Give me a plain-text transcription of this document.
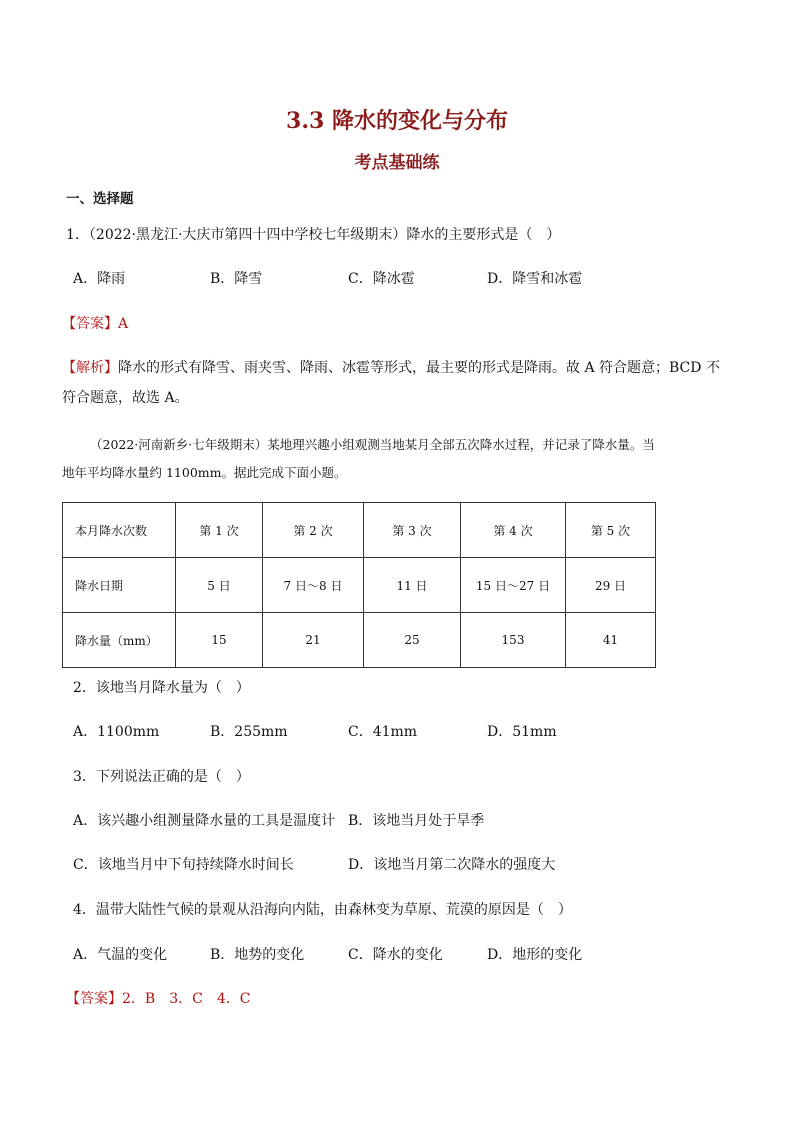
3.3 降水的变化与分布
考点基础练
一、选择题
1．（2022·黑龙江·大庆市第四十四中学校七年级期末）降水的主要形式是（　）
A．降雨	B．降雪	C．降冰雹	D．降雪和冰雹
【答案】A
【解析】降水的形式有降雪、雨夹雪、降雨、冰雹等形式，最主要的形式是降雨。故 A 符合题意；BCD 不
符合题意，故选 A。
（2022·河南新乡·七年级期末）某地理兴趣小组观测当地某月全部五次降水过程，并记录了降水量。当
地年平均降水量约 1100mm。据此完成下面小题。
本月降水次数	第 1 次	第 2 次	第 3 次	第 4 次	第 5 次
降水日期	5 日	7 日～8 日	11 日	15 日～27 日	29 日
降水量（mm）	15	21	25	153	41
2．该地当月降水量为（　）
A．1100mm	B．255mm	C．41mm	D．51mm
3．下列说法正确的是（　）
A．该兴趣小组测量降水量的工具是温度计 B．该地当月处于旱季
C．该地当月中下旬持续降水时间长	D．该地当月第二次降水的强度大
4．温带大陆性气候的景观从沿海向内陆，由森林变为草原、荒漠的原因是（　）
A．气温的变化	B．地势的变化	C．降水的变化	D．地形的变化
【答案】2．B　3．C　4．C
